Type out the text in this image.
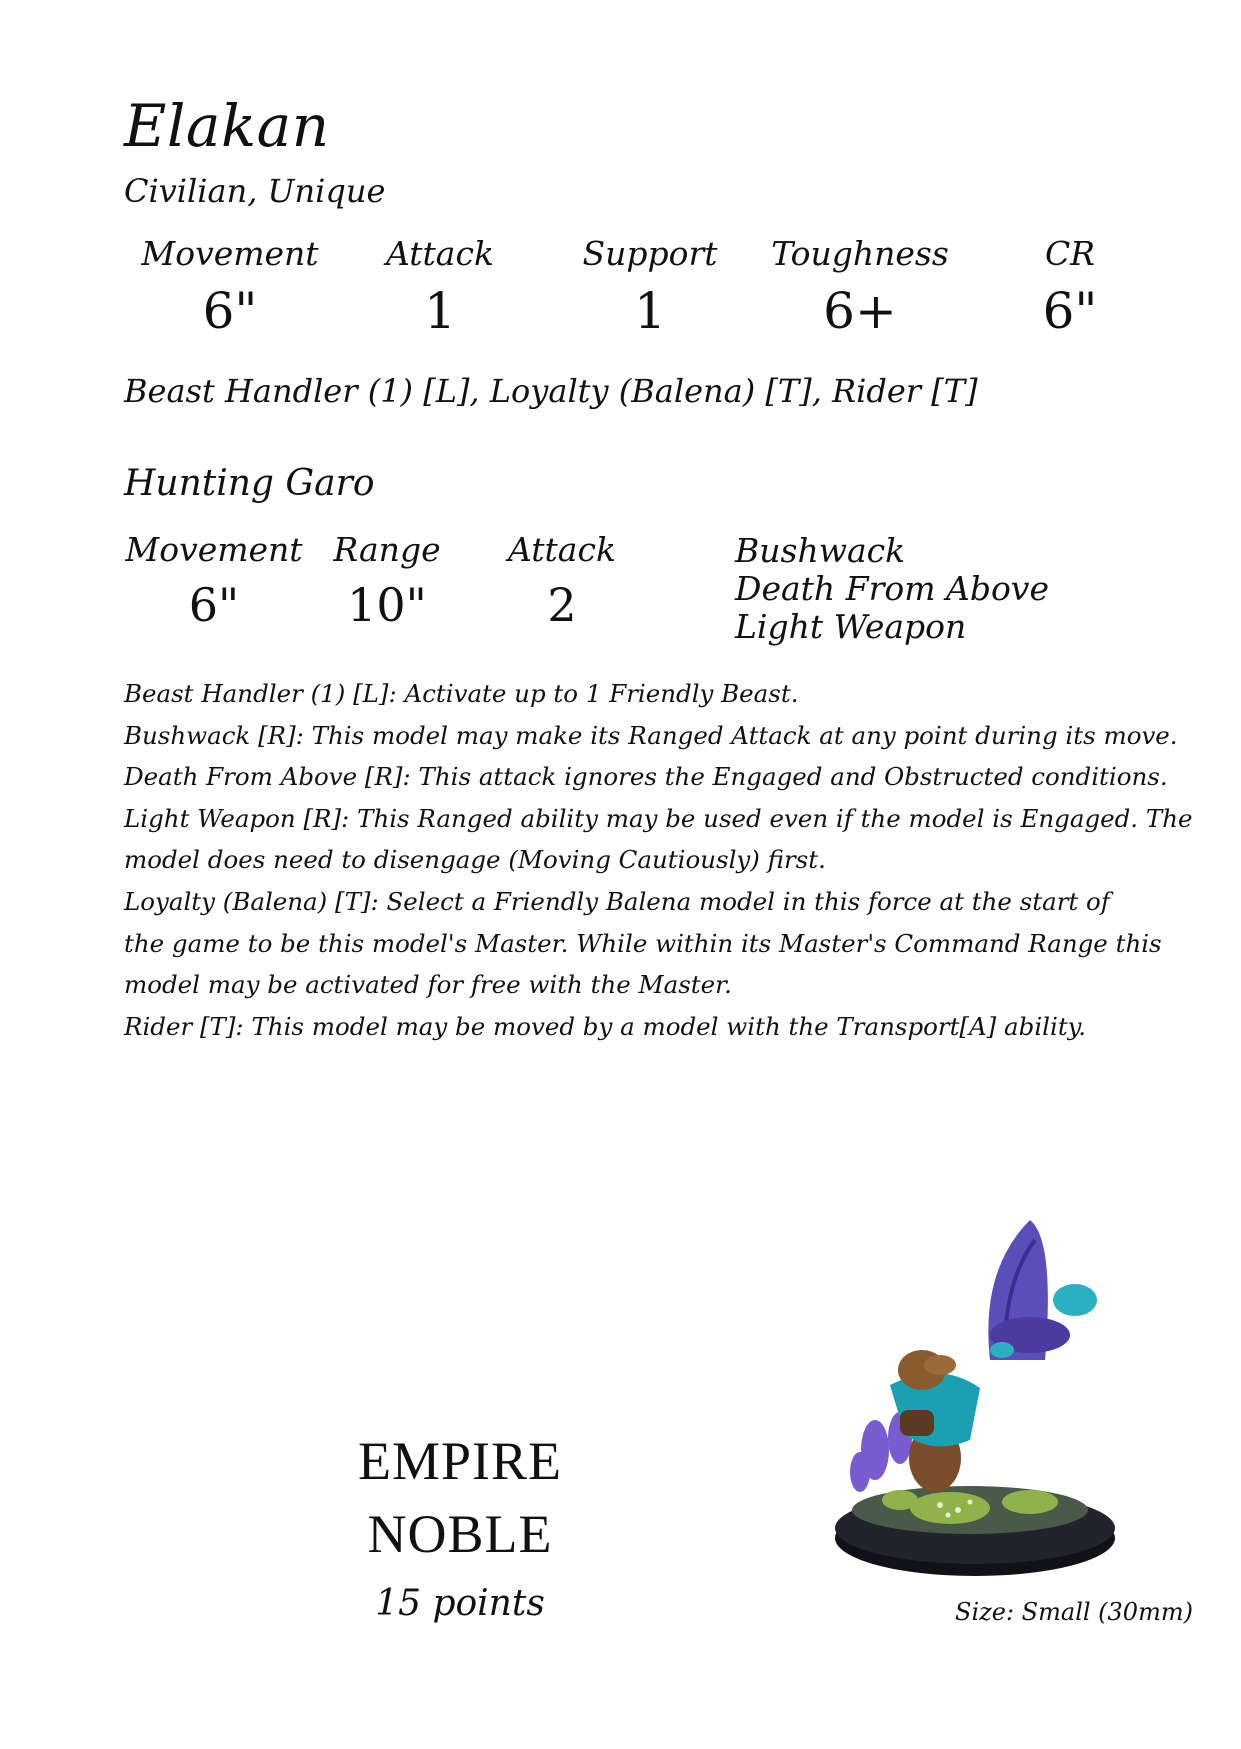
Elakan
Civilian, Unique
Movement
6"
Attack
1
Support
1
Toughness
6+
CR
6"
Beast Handler (1) [L], Loyalty (Balena) [T], Rider [T]
Hunting Garo
Movement
6"
Range
10"
Attack
2
Bushwack
Death From Above
Light Weapon
Beast Handler (1) [L]: Activate up to 1 Friendly Beast.
Bushwack [R]: This model may make its Ranged Attack at any point during its move.
Death From Above [R]: This attack ignores the Engaged and Obstructed conditions.
Light Weapon [R]: This Ranged ability may be used even if the model is Engaged. The
model does need to disengage (Moving Cautiously) first.
Loyalty (Balena) [T]: Select a Friendly Balena model in this force at the start of
the game to be this model's Master. While within its Master's Command Range this
model may be activated for free with the Master.
Rider [T]: This model may be moved by a model with the Transport[A] ability.
EMPIRE
NOBLE
15 points	Size: Small (30mm)
